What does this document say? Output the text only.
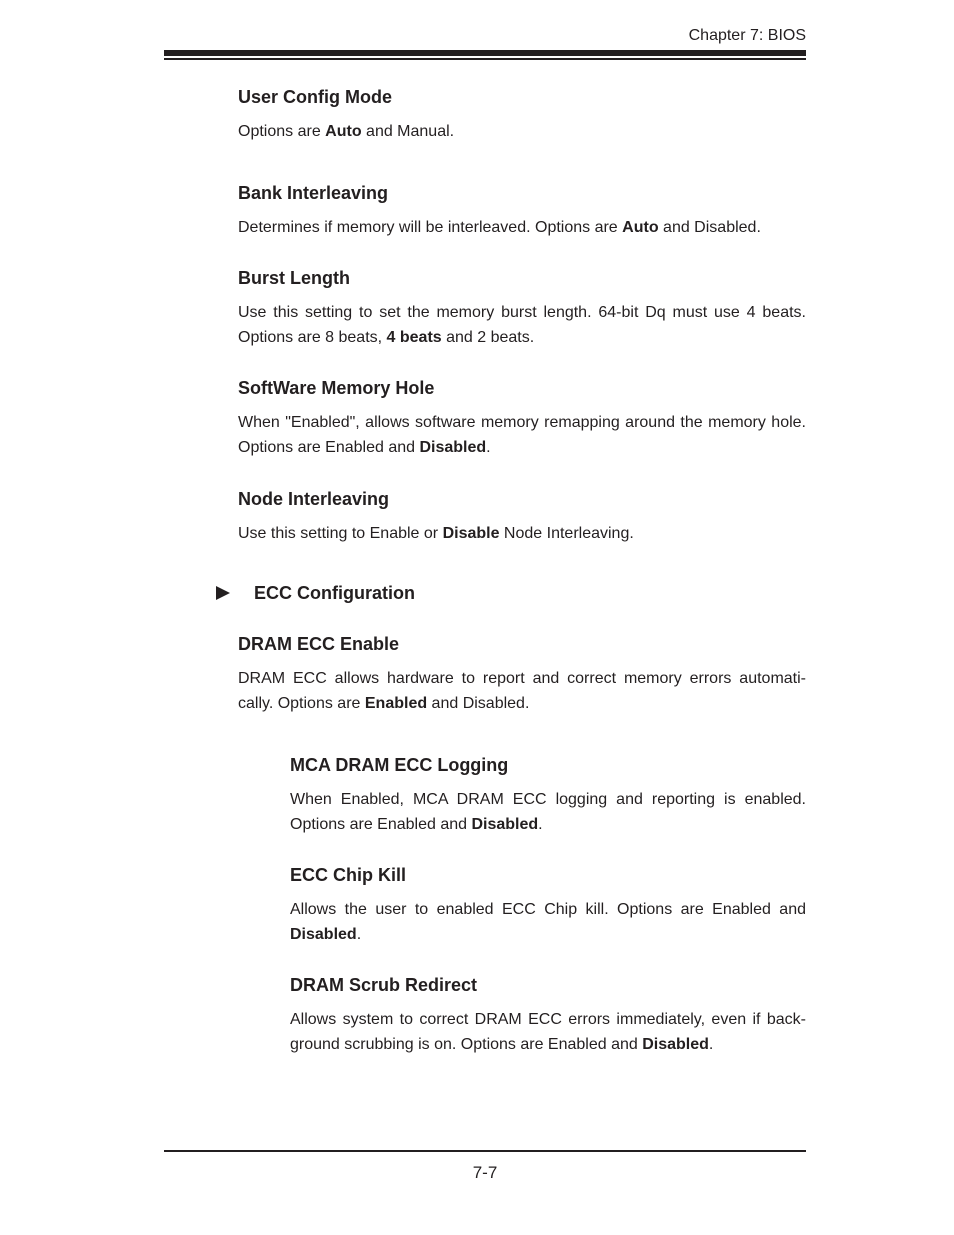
Chapter 7: BIOS
User Config Mode

Options are Auto and Manual.

Bank Interleaving

Determines if memory will be interleaved. Options are Auto and Disabled.

Burst Length

Use this setting to set the memory burst length. 64-bit Dq must use 4 beats. Options are 8 beats, 4 beats and 2 beats.

SoftWare Memory Hole

When "Enabled", allows software memory remapping around the memory hole. Options are Enabled and Disabled.

Node Interleaving

Use this setting to Enable or Disable Node Interleaving.

ECC Configuration
DRAM ECC Enable

DRAM ECC allows hardware to report and correct memory errors automati-cally. Options are Enabled and Disabled.

MCA DRAM ECC Logging

When Enabled, MCA DRAM ECC logging and reporting is enabled. Options are Enabled and Disabled.

ECC Chip Kill

Allows the user to enabled ECC Chip kill. Options are Enabled and Disabled.

DRAM Scrub Redirect

Allows system to correct DRAM ECC errors immediately, even if back-ground scrubbing is on. Options are Enabled and Disabled.

7-7
